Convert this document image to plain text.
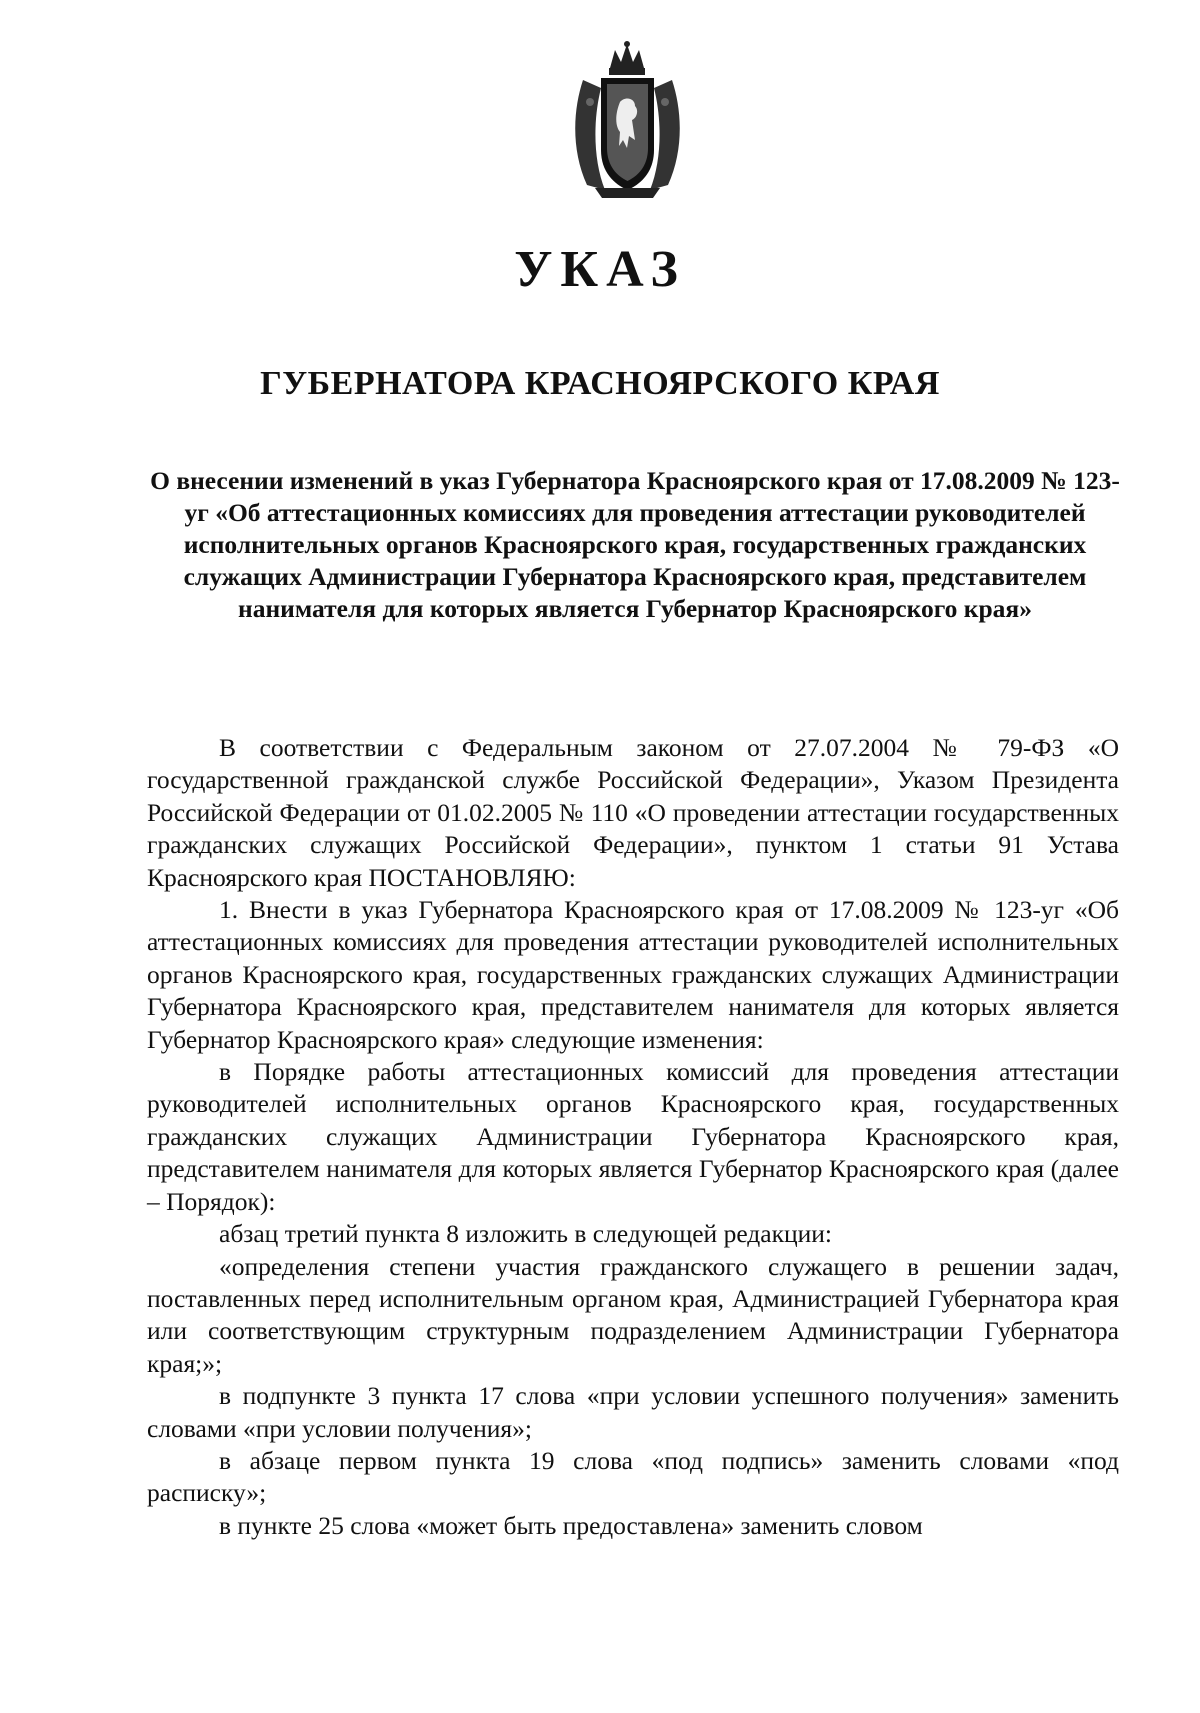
УКАЗ
ГУБЕРНАТОРА КРАСНОЯРСКОГО КРАЯ
О внесении изменений в указ Губернатора Красноярского края от 17.08.2009 № 123-уг «Об аттестационных комиссиях для проведения аттестации руководителей исполнительных органов Красноярского края, государственных гражданских служащих Администрации Губернатора Красноярского края, представителем нанимателя для которых является Губернатор Красноярского края»

В соответствии с Федеральным законом от 27.07.2004 № 79-ФЗ «О государственной гражданской службе Российской Федерации», Указом Президента Российской Федерации от 01.02.2005 № 110 «О проведении аттестации государственных гражданских служащих Российской Федерации», пунктом 1 статьи 91 Устава Красноярского края ПОСТАНОВЛЯЮ:

1. Внести в указ Губернатора Красноярского края от 17.08.2009 № 123-уг «Об аттестационных комиссиях для проведения аттестации руководителей исполнительных органов Красноярского края, государственных гражданских служащих Администрации Губернатора Красноярского края, представителем нанимателя для которых является Губернатор Красноярского края» следующие изменения:

в Порядке работы аттестационных комиссий для проведения аттестации руководителей исполнительных органов Красноярского края, государственных гражданских служащих Администрации Губернатора Красноярского края, представителем нанимателя для которых является Губернатор Красноярского края (далее – Порядок):

абзац третий пункта 8 изложить в следующей редакции:

«определения степени участия гражданского служащего в решении задач, поставленных перед исполнительным органом края, Администрацией Губернатора края или соответствующим структурным подразделением Администрации Губернатора края;»;

в подпункте 3 пункта 17 слова «при условии успешного получения» заменить словами «при условии получения»;

в абзаце первом пункта 19 слова «под подпись» заменить словами «под расписку»;

в пункте 25 слова «может быть предоставлена» заменить словом
